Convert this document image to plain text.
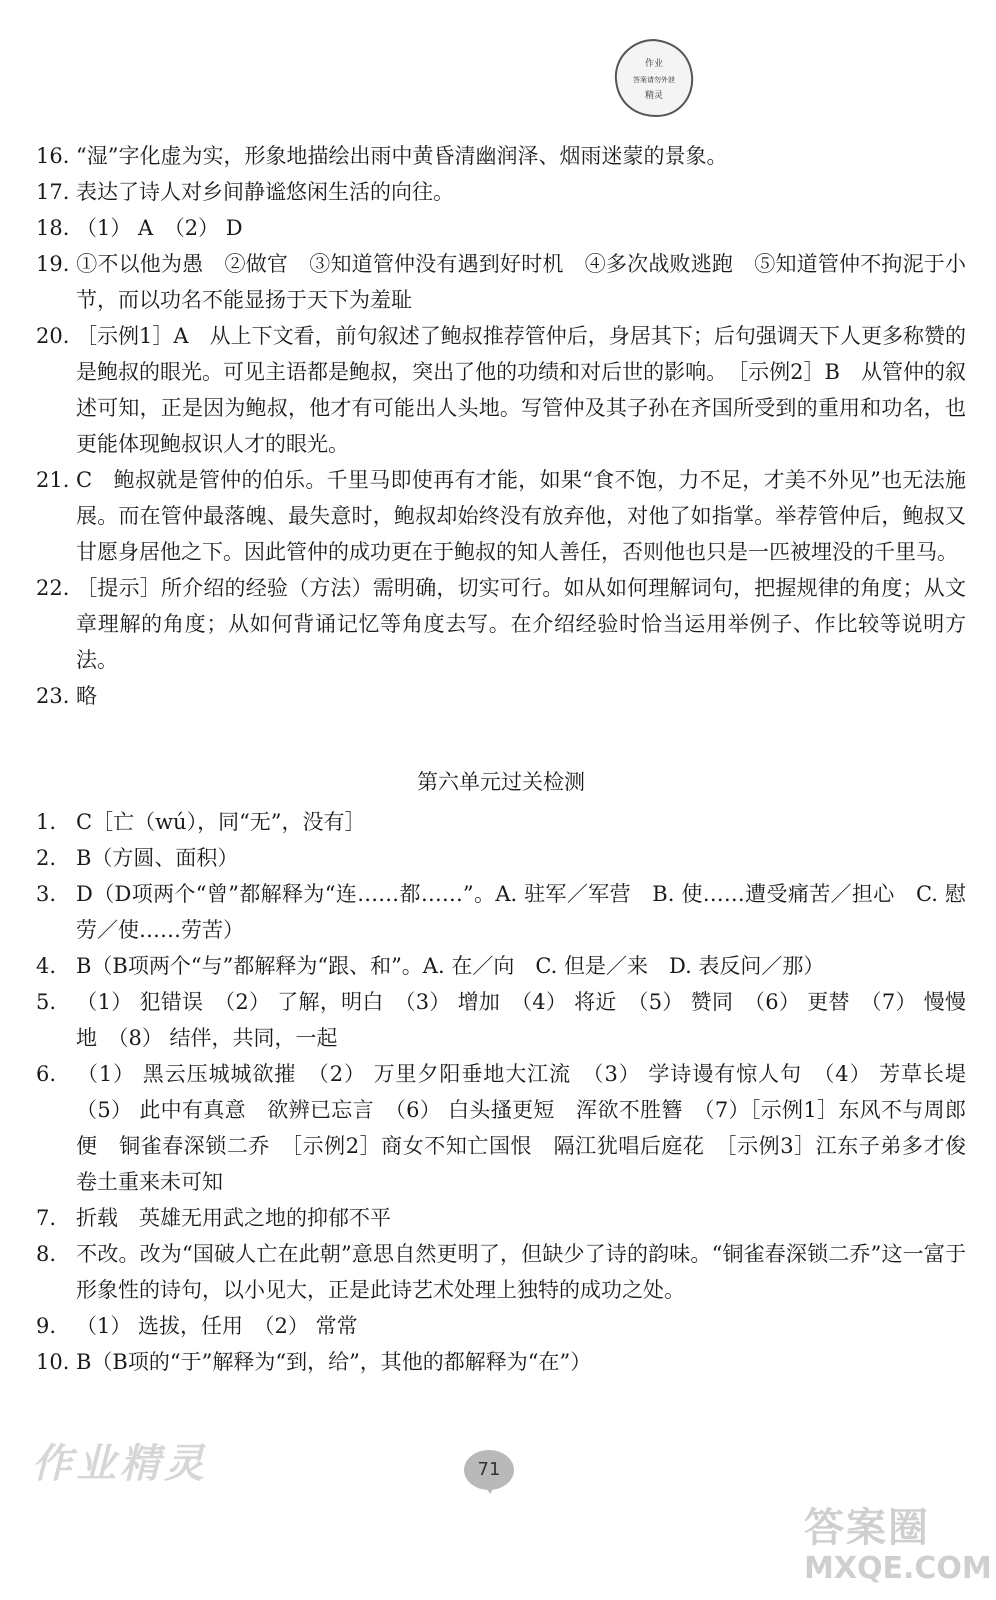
作业
答案请勿外泄
精灵

16. “湿”字化虚为实，形象地描绘出雨中黄昏清幽润泽、烟雨迷蒙的景象。

17. 表达了诗人对乡间静谧悠闲生活的向往。

18. （1） A　（2） D

19. ①不以他为愚　②做官　③知道管仲没有遇到好时机　④多次战败逃跑　⑤知道管仲不拘泥于小节，而以功名不能显扬于天下为羞耻

20. ［示例1］A　从上下文看，前句叙述了鲍叔推荐管仲后，身居其下；后句强调天下人更多称赞的是鲍叔的眼光。可见主语都是鲍叔，突出了他的功绩和对后世的影响。　［示例2］B　从管仲的叙述可知，正是因为鲍叔，他才有可能出人头地。写管仲及其子孙在齐国所受到的重用和功名，也更能体现鲍叔识人才的眼光。

21. C　鲍叔就是管仲的伯乐。千里马即使再有才能，如果“食不饱，力不足，才美不外见”也无法施展。而在管仲最落魄、最失意时，鲍叔却始终没有放弃他，对他了如指掌。举荐管仲后，鲍叔又甘愿身居他之下。因此管仲的成功更在于鲍叔的知人善任，否则他也只是一匹被埋没的千里马。

22. ［提示］所介绍的经验（方法）需明确，切实可行。如从如何理解词句，把握规律的角度；从文章理解的角度；从如何背诵记忆等角度去写。在介绍经验时恰当运用举例子、作比较等说明方法。

23. 略

第六单元过关检测

1. C［亡（wú），同“无”，没有］

2. B（方圆、面积）

3. D（D项两个“曾”都解释为“连……都……”。A. 驻军／军营　B. 使……遭受痛苦／担心　C. 慰劳／使……劳苦）

4. B（B项两个“与”都解释为“跟、和”。A. 在／向　C. 但是／来　D. 表反问／那）

5. （1） 犯错误　（2） 了解，明白　（3） 增加　（4） 将近　（5） 赞同　（6） 更替　（7） 慢慢地　（8） 结伴，共同，一起

6. （1） 黑云压城城欲摧　（2） 万里夕阳垂地大江流　（3） 学诗谩有惊人句　（4） 芳草长堤　（5） 此中有真意　欲辨已忘言　（6） 白头搔更短　浑欲不胜簪　（7）［示例1］东风不与周郎便　铜雀春深锁二乔　［示例2］商女不知亡国恨　隔江犹唱后庭花　［示例3］江东子弟多才俊　卷土重来未可知

7. 折载　英雄无用武之地的抑郁不平

8. 不改。改为“国破人亡在此朝”意思自然更明了，但缺少了诗的韵味。“铜雀春深锁二乔”这一富于形象性的诗句，以小见大，正是此诗艺术处理上独特的成功之处。

9. （1） 选拔，任用　（2） 常常

10. B（B项的“于”解释为“到，给”，其他的都解释为“在”）

作业精灵	71
答案圈
MXQE.COM
